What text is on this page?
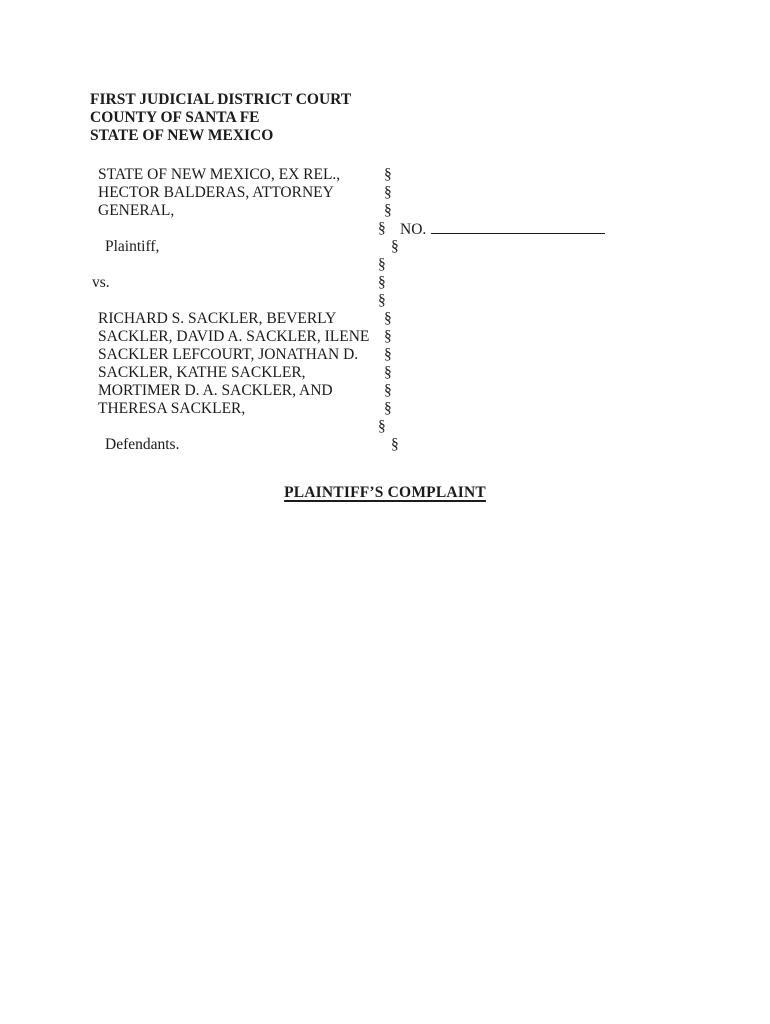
FIRST JUDICIAL DISTRICT COURT
COUNTY OF SANTA FE
STATE OF NEW MEXICO
STATE OF NEW MEXICO, EX REL.,	§
HECTOR BALDERAS, ATTORNEY	§
GENERAL,	§
§ NO.
Plaintiff,	§
§
vs.	§
§
RICHARD S. SACKLER, BEVERLY	§
SACKLER, DAVID A. SACKLER, ILENE §
SACKLER LEFCOURT, JONATHAN D.	§
SACKLER, KATHE SACKLER,	§
MORTIMER D. A. SACKLER, AND	§
THERESA SACKLER,	§
§
Defendants.	§
PLAINTIFF’S COMPLAINT
